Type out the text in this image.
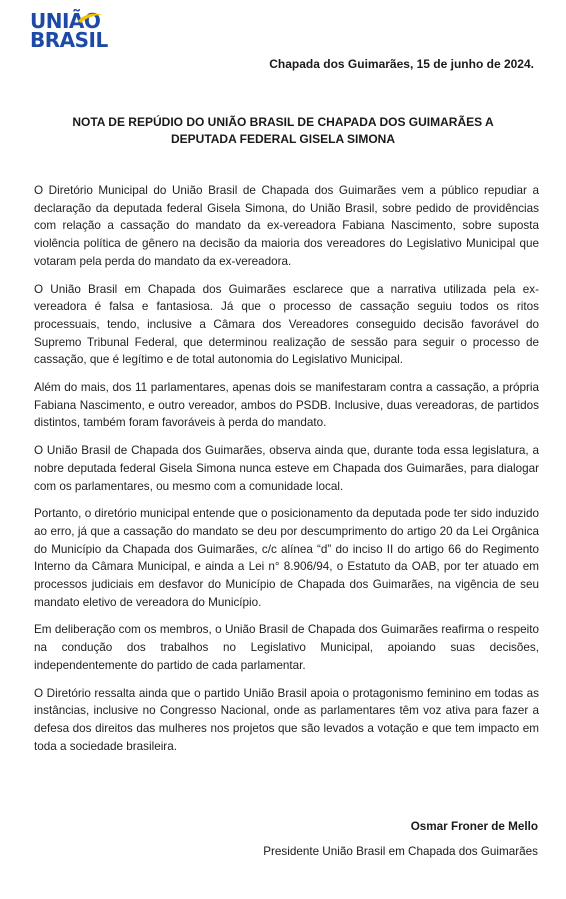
UNIÃO
BRASIL
Chapada dos Guimarães, 15 de junho de 2024.
NOTA DE REPÚDIO DO UNIÃO BRASIL DE CHAPADA DOS GUIMARÃES A DEPUTADA FEDERAL GISELA SIMONA

O Diretório Municipal do União Brasil de Chapada dos Guimarães vem a público repudiar a declaração da deputada federal Gisela Simona, do União Brasil, sobre pedido de providências com relação a cassação do mandato da ex-vereadora Fabiana Nascimento, sobre suposta violência política de gênero na decisão da maioria dos vereadores do Legislativo Municipal que votaram pela perda do mandato da ex-vereadora.

O União Brasil em Chapada dos Guimarães esclarece que a narrativa utilizada pela ex-vereadora é falsa e fantasiosa. Já que o processo de cassação seguiu todos os ritos processuais, tendo, inclusive a Câmara dos Vereadores conseguido decisão favorável do Supremo Tribunal Federal, que determinou realização de sessão para seguir o processo de cassação, que é legítimo e de total autonomia do Legislativo Municipal.

Além do mais, dos 11 parlamentares, apenas dois se manifestaram contra a cassação, a própria Fabiana Nascimento, e outro vereador, ambos do PSDB. Inclusive, duas vereadoras, de partidos distintos, também foram favoráveis à perda do mandato.

O União Brasil de Chapada dos Guimarães, observa ainda que, durante toda essa legislatura, a nobre deputada federal Gisela Simona nunca esteve em Chapada dos Guimarães, para dialogar com os parlamentares, ou mesmo com a comunidade local.

Portanto, o diretório municipal entende que o posicionamento da deputada pode ter sido induzido ao erro, já que a cassação do mandato se deu por descumprimento do artigo 20 da Lei Orgânica do Município da Chapada dos Guimarães, c/c alínea “d” do inciso II do artigo 66 do Regimento Interno da Câmara Municipal, e ainda a Lei n° 8.906/94, o Estatuto da OAB, por ter atuado em processos judiciais em desfavor do Município de Chapada dos Guimarães, na vigência de seu mandato eletivo de vereadora do Município.

Em deliberação com os membros, o União Brasil de Chapada dos Guimarães reafirma o respeito na condução dos trabalhos no Legislativo Municipal, apoiando suas decisões, independentemente do partido de cada parlamentar.

O Diretório ressalta ainda que o partido União Brasil apoia o protagonismo feminino em todas as instâncias, inclusive no Congresso Nacional, onde as parlamentares têm voz ativa para fazer a defesa dos direitos das mulheres nos projetos que são levados a votação e que tem impacto em toda a sociedade brasileira.

Osmar Froner de Mello
Presidente União Brasil em Chapada dos Guimarães
